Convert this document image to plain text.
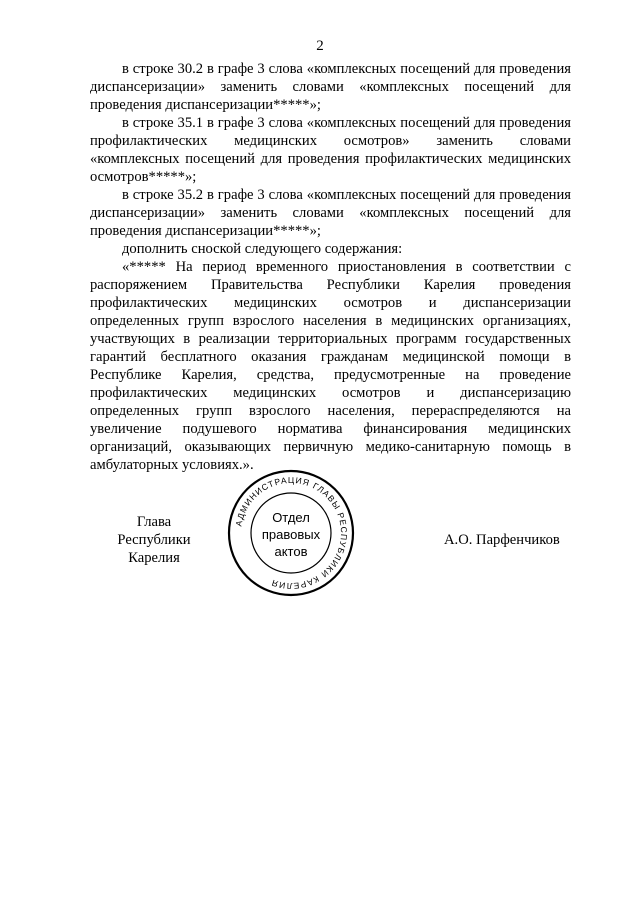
2

в строке 30.2 в графе 3 слова «комплексных посещений для проведения диспансеризации» заменить словами «комплексных посещений для проведения диспансеризации*****»;

в строке 35.1 в графе 3 слова «комплексных посещений для проведения профилактических медицинских осмотров» заменить словами «комплексных посещений для проведения профилактических медицинских осмотров*****»;

в строке 35.2 в графе 3 слова «комплексных посещений для проведения диспансеризации» заменить словами «комплексных посещений для проведения диспансеризации*****»;

дополнить сноской следующего содержания:

«***** На период временного приостановления в соответствии с распоряжением Правительства Республики Карелия проведения профилактических медицинских осмотров и диспансеризации определенных групп взрослого населения в медицинских организациях, участвующих в реализации территориальных программ государственных гарантий бесплатного оказания гражданам медицинской помощи в Республике Карелия, средства, предусмотренные на проведение профилактических медицинских осмотров и диспансеризацию определенных групп взрослого населения, перераспределяются на увеличение подушевого норматива финансирования медицинских организаций, оказывающих первичную медико-санитарную помощь в амбулаторных условиях.».

Глава
Республики Карелия
АДМИНИСТРАЦИЯ ГЛАВЫ РЕСПУБЛИКИ КАРЕЛИЯ
Отдел
правовых
актов
А.О. Парфенчиков
